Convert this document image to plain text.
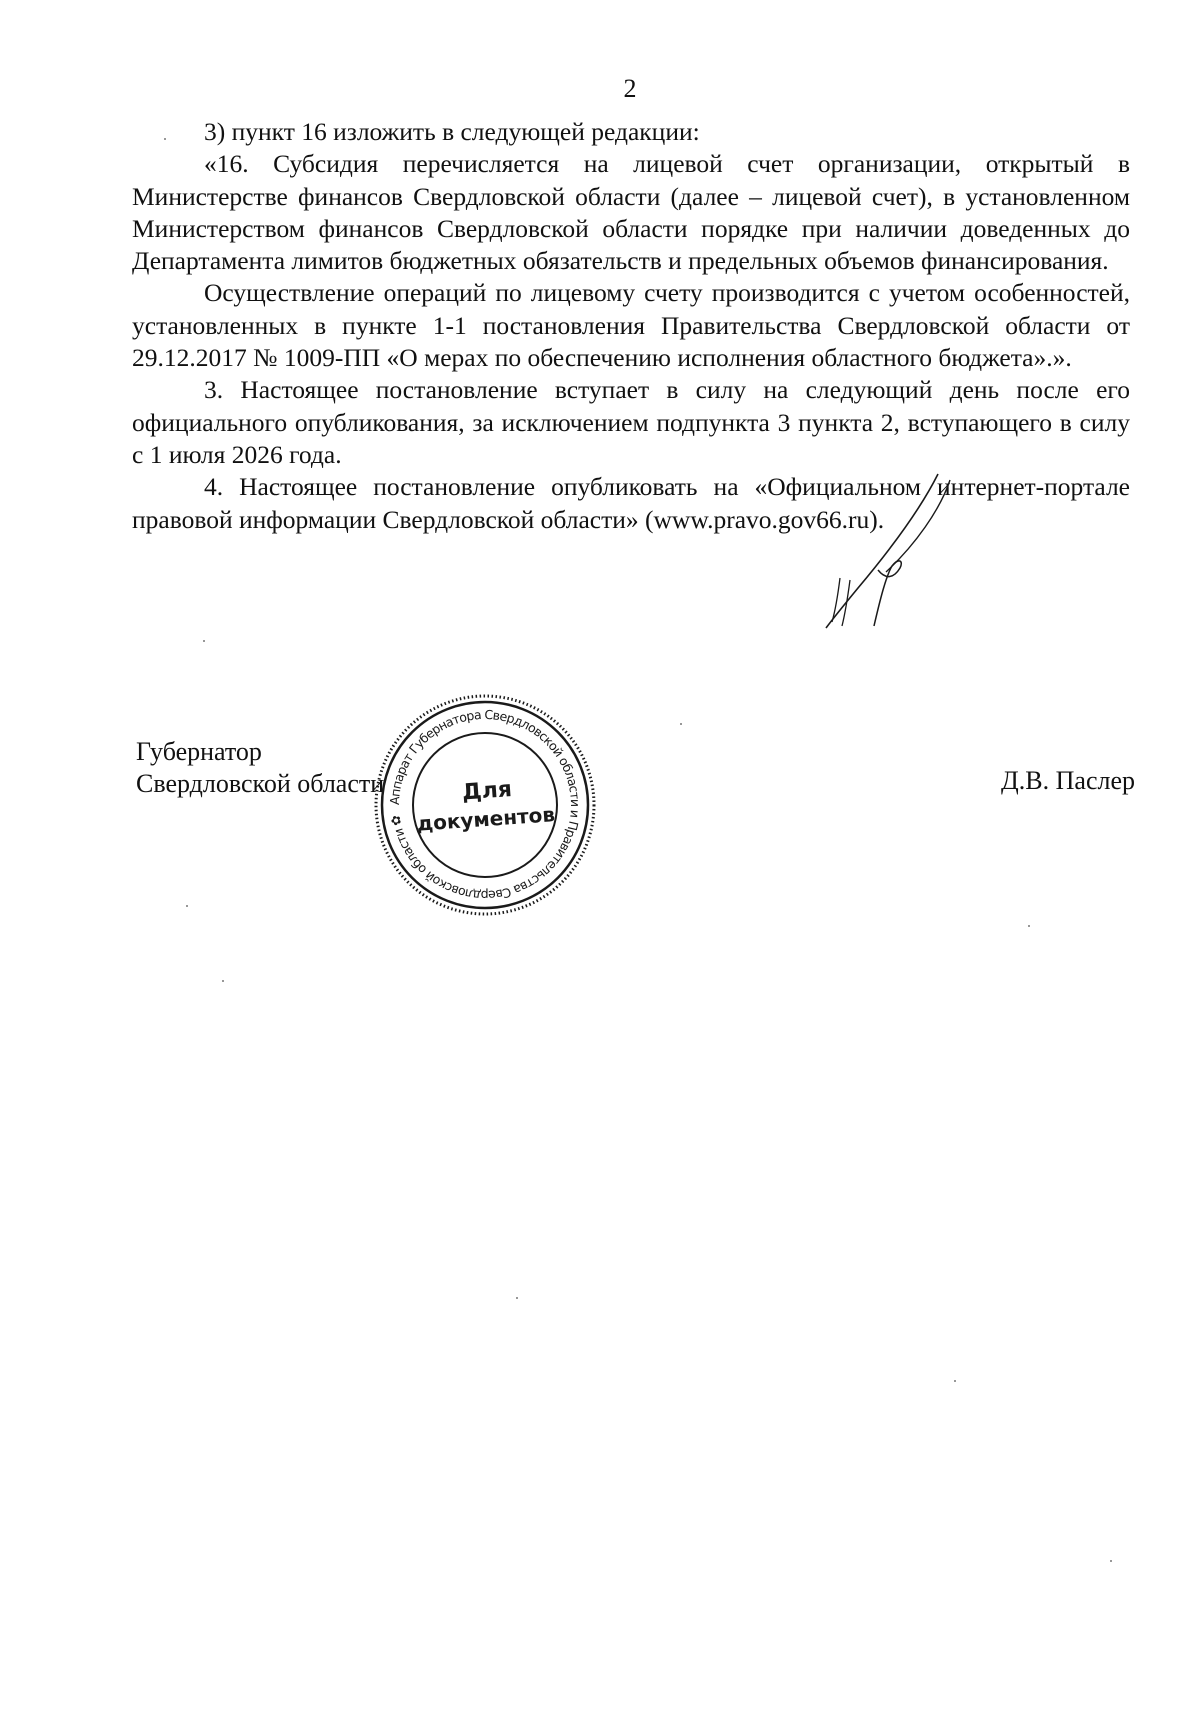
2

3) пункт 16 изложить в следующей редакции:

«16. Субсидия перечисляется на лицевой счет организации, открытый в Министерстве финансов Свердловской области (далее – лицевой счет), в установленном Министерством финансов Свердловской области порядке при наличии доведенных до Департамента лимитов бюджетных обязательств и предельных объемов финансирования.

Осуществление операций по лицевому счету производится с учетом особенностей, установленных в пункте 1-1 постановления Правительства Свердловской области от 29.12.2017 № 1009-ПП «О мерах по обеспечению исполнения областного бюджета».».

3. Настоящее постановление вступает в силу на следующий день после его официального опубликования, за исключением подпункта 3 пункта 2, вступающего в силу с 1 июля 2026 года.

4. Настоящее постановление опубликовать на «Официальном интернет-портале правовой информации Свердловской области» (www.pravo.gov66.ru).

Губернатор
Свердловской области	Д.В. Паслер
Аппарат Губернатора Свердловской области и Правительства Свердловской области ✿
Для
документов
